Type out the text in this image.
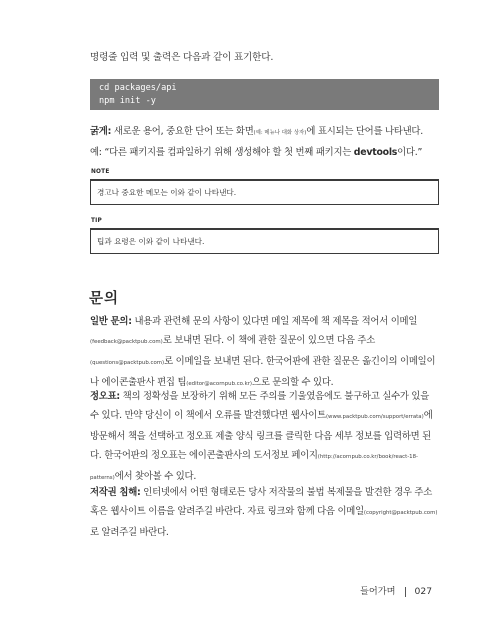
명령줄 입력 및 출력은 다음과 같이 표기한다.
cd packages/api
npm init -y
굵게: 새로운 용어, 중요한 단어 또는 화면(예: 메뉴나 대화 상자)에 표시되는 단어를 나타낸다.
예: “다른 패키지를 컴파일하기 위해 생성해야 할 첫 번째 패키지는 devtools이다.”
NOTE
경고나 중요한 메모는 이와 같이 나타낸다.
TIP
팁과 요령은 이와 같이 나타낸다.
문의
일반 문의: 내용과 관련해 문의 사항이 있다면 메일 제목에 책 제목을 적어서 이메일(feedback@packtpub.com)로 보내면 된다. 이 책에 관한 질문이 있으면 다음 주소(questions@packtpub.com)로 이메일을 보내면 된다. 한국어판에 관한 질문은 옮긴이의 이메일이나 에이콘출판사 편집 팀(editor@acornpub.co.kr)으로 문의할 수 있다.
정오표: 책의 정확성을 보장하기 위해 모든 주의를 기울였음에도 불구하고 실수가 있을 수 있다. 만약 당신이 이 책에서 오류를 발견했다면 웹사이트(www.packtpub.com/support/errata)에 방문해서 책을 선택하고 정오표 제출 양식 링크를 클릭한 다음 세부 정보를 입력하면 된다. 한국어판의 정오표는 에이콘출판사의 도서정보 페이지(http://acornpub.co.kr/book/react-18-patterns)에서 찾아볼 수 있다.
저작권 침해: 인터넷에서 어떤 형태로든 당사 저작물의 불법 복제물을 발견한 경우 주소 혹은 웹사이트 이름을 알려주길 바란다. 자료 링크와 함께 다음 이메일(copyright@packtpub.com)로 알려주길 바란다.
들어가며 027
